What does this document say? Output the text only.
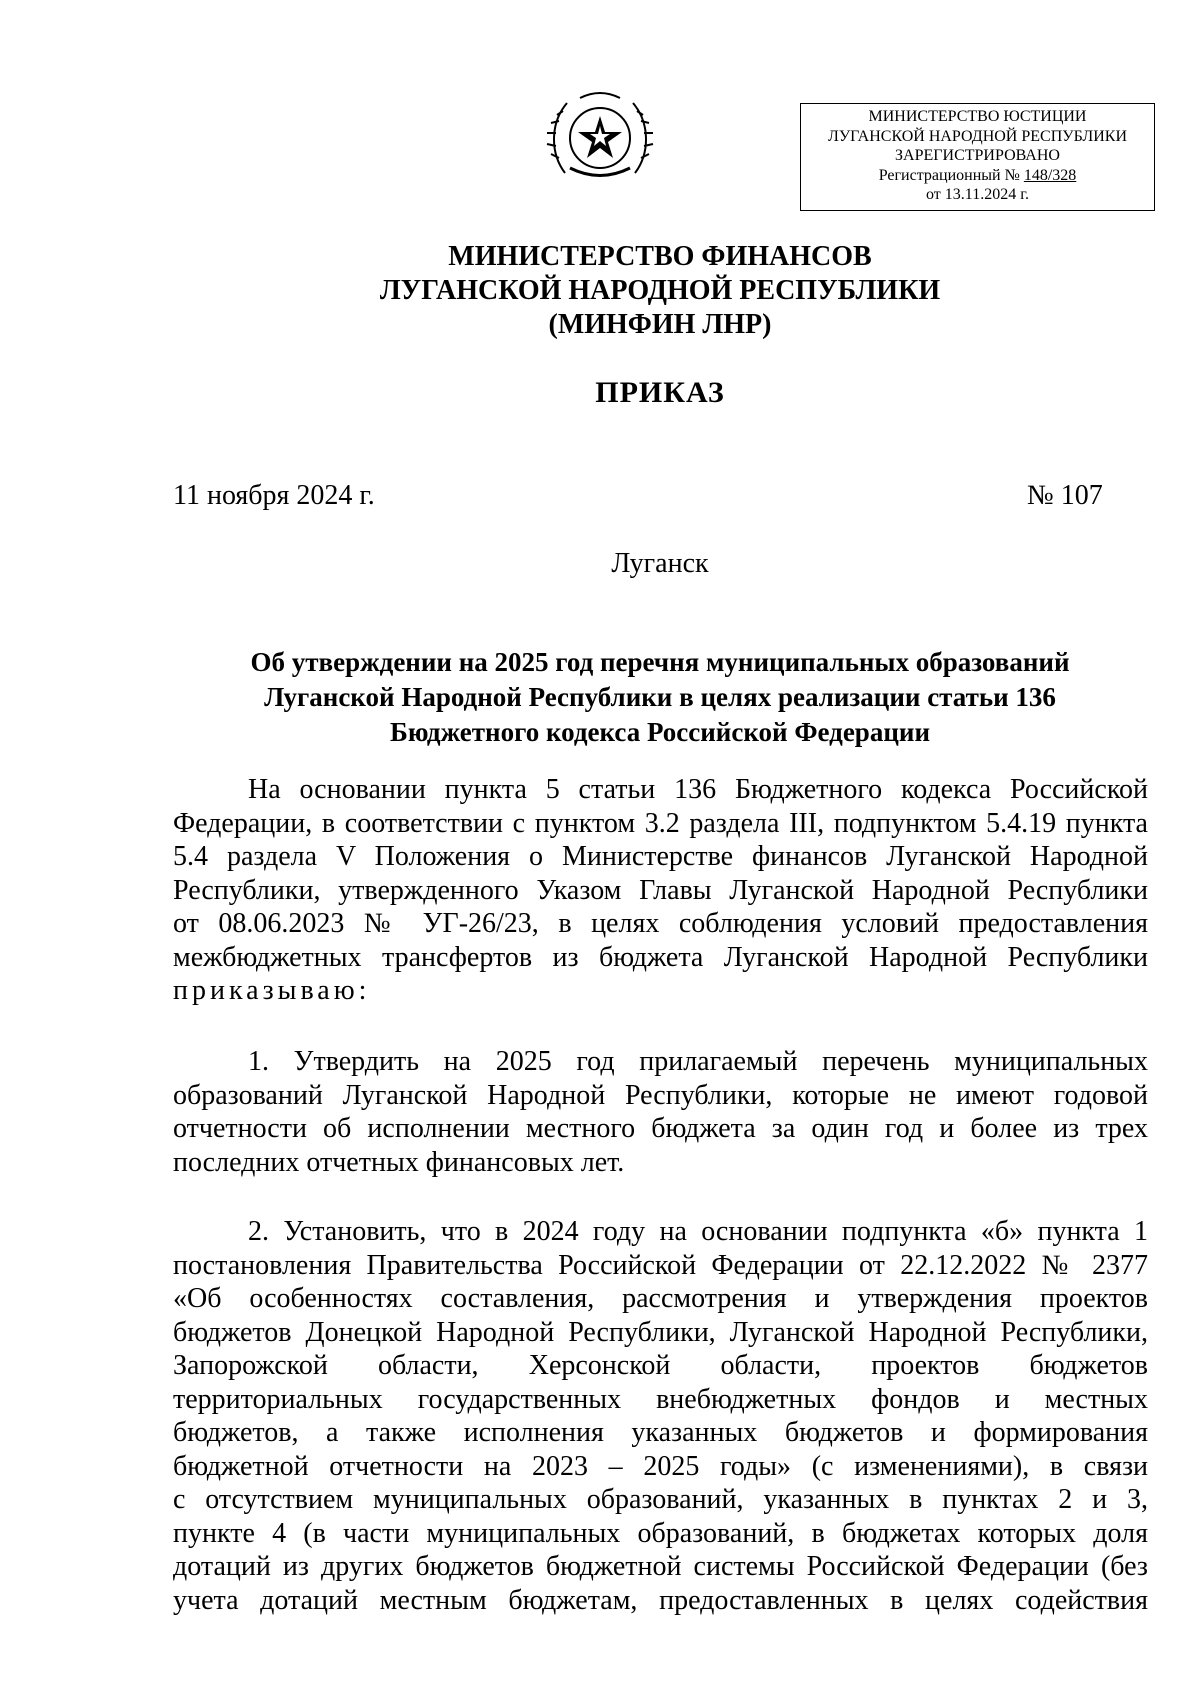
МИНИСТЕРСТВО ЮСТИЦИИ
ЛУГАНСКОЙ НАРОДНОЙ РЕСПУБЛИКИ
ЗАРЕГИСТРИРОВАНО
Регистрационный № 148/328
от 13.11.2024 г.
МИНИСТЕРСТВО ФИНАНСОВ
ЛУГАНСКОЙ НАРОДНОЙ РЕСПУБЛИКИ
(МИНФИН ЛНР)
ПРИКАЗ
11 ноября 2024 г.	№ 107
Луганск
Об утверждении на 2025 год перечня муниципальных образований
Луганской Народной Республики в целях реализации статьи 136
Бюджетного кодекса Российской Федерации
На основании пункта 5 статьи 136 Бюджетного кодекса Российской
Федерации, в соответствии с пунктом 3.2 раздела III, подпунктом 5.4.19 пункта
5.4 раздела V Положения о Министерстве финансов Луганской Народной
Республики, утвержденного Указом Главы Луганской Народной Республики
от 08.06.2023 № УГ-26/23, в целях соблюдения условий предоставления
межбюджетных трансфертов из бюджета Луганской Народной Республики
приказываю:
1. Утвердить на 2025 год прилагаемый перечень муниципальных
образований Луганской Народной Республики, которые не имеют годовой
отчетности об исполнении местного бюджета за один год и более из трех
последних отчетных финансовых лет.
2. Установить, что в 2024 году на основании подпункта «б» пункта 1
постановления Правительства Российской Федерации от 22.12.2022 № 2377
«Об особенностях составления, рассмотрения и утверждения проектов
бюджетов Донецкой Народной Республики, Луганской Народной Республики,
Запорожской области, Херсонской области, проектов бюджетов
территориальных государственных внебюджетных фондов и местных
бюджетов, а также исполнения указанных бюджетов и формирования
бюджетной отчетности на 2023 – 2025 годы» (с изменениями), в связи
с отсутствием муниципальных образований, указанных в пунктах 2 и 3,
пункте 4 (в части муниципальных образований, в бюджетах которых доля
дотаций из других бюджетов бюджетной системы Российской Федерации (без
учета дотаций местным бюджетам, предоставленных в целях содействия
